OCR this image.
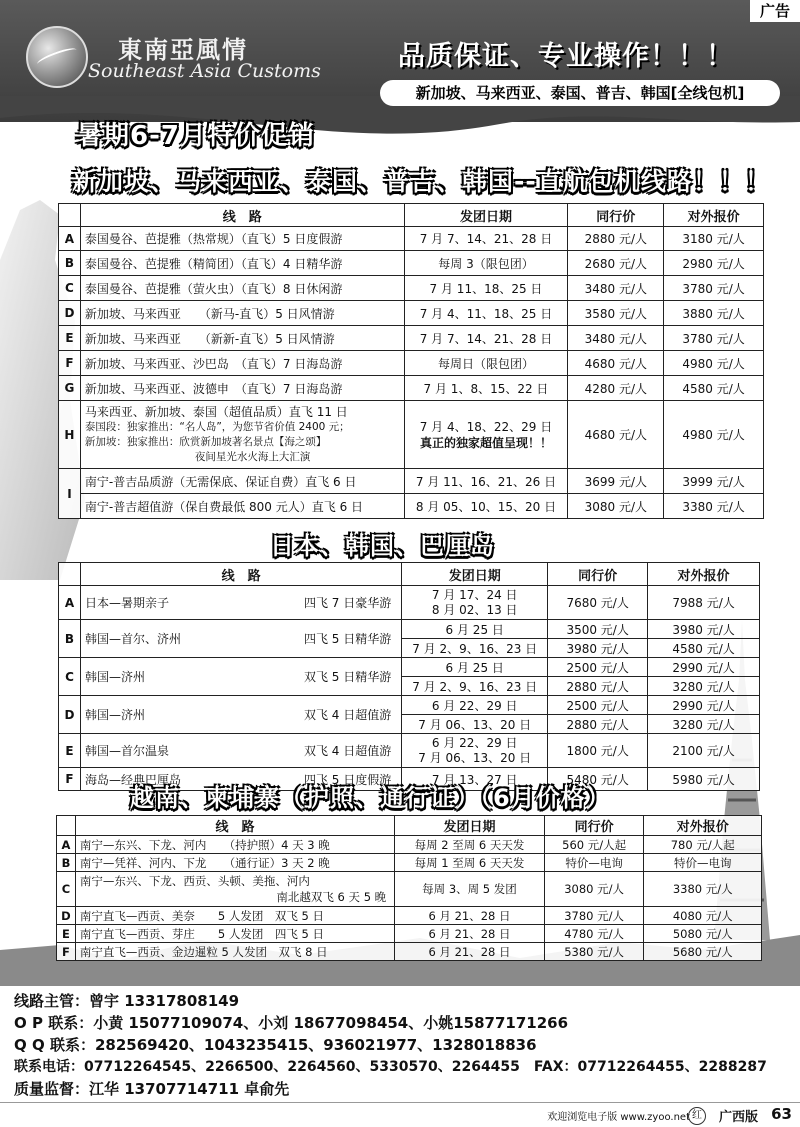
广告
東南亞風情
Southeast Asia Customs	品质保证、专业操作！！！
新加坡、马来西亚、泰国、普吉、韩国[全线包机]
暑期6-7月特价促销
新加坡、马来西亚、泰国、普吉、韩国--直航包机线路！！！
	线　路	发团日期	同行价	对外报价
A	泰国曼谷、芭提雅（热常规）（直飞）5 日度假游	7 月 7、14、21、28 日	2880 元/人	3180 元/人
B	泰国曼谷、芭提雅（精简团）（直飞）4 日精华游	每周 3（限包团）	2680 元/人	2980 元/人
C	泰国曼谷、芭提雅（萤火虫）（直飞）8 日休闲游	7 月 11、18、25 日	3480 元/人	3780 元/人
D	新加坡、马来西亚　　（新马-直飞）5 日风情游	7 月 4、11、18、25 日	3580 元/人	3880 元/人
E	新加坡、马来西亚　　（新新-直飞）5 日风情游	7 月 7、14、21、28 日	3480 元/人	3780 元/人
F	新加坡、马来西亚、沙巴岛　（直飞）7 日海岛游	每周日（限包团）	4680 元/人	4980 元/人
G	新加坡、马来西亚、波德申　（直飞）7 日海岛游	7 月 1、8、15、22 日	4280 元/人	4580 元/人
H	马来西亚、新加坡、泰国（超值品质）直飞 11 日
泰国段：独家推出：“名人岛”，为您节省价值 2400 元；
新加坡：独家推出：欣赏新加坡著名景点【海之颂】
夜间星光水火海上大汇演	7 月 4、18、22、29 日
真正的独家超值呈现！！	4680 元/人	4980 元/人
I	南宁-普吉品质游（无需保底、保证自费）直飞 6 日	7 月 11、16、21、26 日	3699 元/人	3999 元/人
	南宁-普吉超值游（保自费最低 800 元人）直飞 6 日	8 月 05、10、15、20 日	3080 元/人	3380 元/人
日本、韩国、巴厘岛
	线　路	发团日期	同行价	对外报价
A	日本—暑期亲子 四飞 7 日豪华游	7 月 17、24 日
8 月 02、13 日	7680 元/人	7988 元/人
B	韩国—首尔、济州 四飞 5 日精华游	6 月 25 日	3500 元/人	3980 元/人
		7 月 2、9、16、23 日	3980 元/人	4580 元/人
C	韩国—济州 双飞 5 日精华游	6 月 25 日	2500 元/人	2990 元/人
		7 月 2、9、16、23 日	2880 元/人	3280 元/人
D	韩国—济州 双飞 4 日超值游	6 月 22、29 日	2500 元/人	2990 元/人
		7 月 06、13、20 日	2880 元/人	3280 元/人
E	韩国—首尔温泉 双飞 4 日超值游	6 月 22、29 日
7 月 06、13、20 日	1800 元/人	2100 元/人
F	海岛—经典巴厘岛 四飞 5 日度假游	7 月 13、27 日	5480 元/人	5980 元/人
越南、柬埔寨（护照、通行证）（6月价格）
	线　路	发团日期	同行价	对外报价
A	南宁—东兴、下龙、河内　　（持护照）4 天 3 晚	每周 2 至周 6 天天发	560 元/人起	780 元/人起
B	南宁—凭祥、河内、下龙　　（通行证）3 天 2 晚	每周 1 至周 6 天天发	特价—电询	特价—电询
C	南宁—东兴、下龙、西贡、头顿、美拖、河内
南北越双飞 6 天 5 晚	每周 3、周 5 发团	3080 元/人	3380 元/人
D	南宁直飞—西贡、美奈　　5 人发团　双飞 5 日	6 月 21、28 日	3780 元/人	4080 元/人
E	南宁直飞—西贡、芽庄　　5 人发团　四飞 5 日	6 月 21、28 日	4780 元/人	5080 元/人
F	南宁直飞—西贡、金边暹粒 5 人发团　双飞 8 日	6 月 21、28 日	5380 元/人	5680 元/人
线路主管：曾宇 13317808149
O P 联系：小黄 15077109074、小刘 18677098454、小姚15877171266
Q Q 联系：282569420、1043235415、936021977、1328018836
联系电话：07712264545、2266500、2264560、5330570、2264455　FAX：07712264455、2288287
质量监督：江华 13707714711 卓俞先
欢迎浏览电子版 www.zyoo.net 红	广西版 63
